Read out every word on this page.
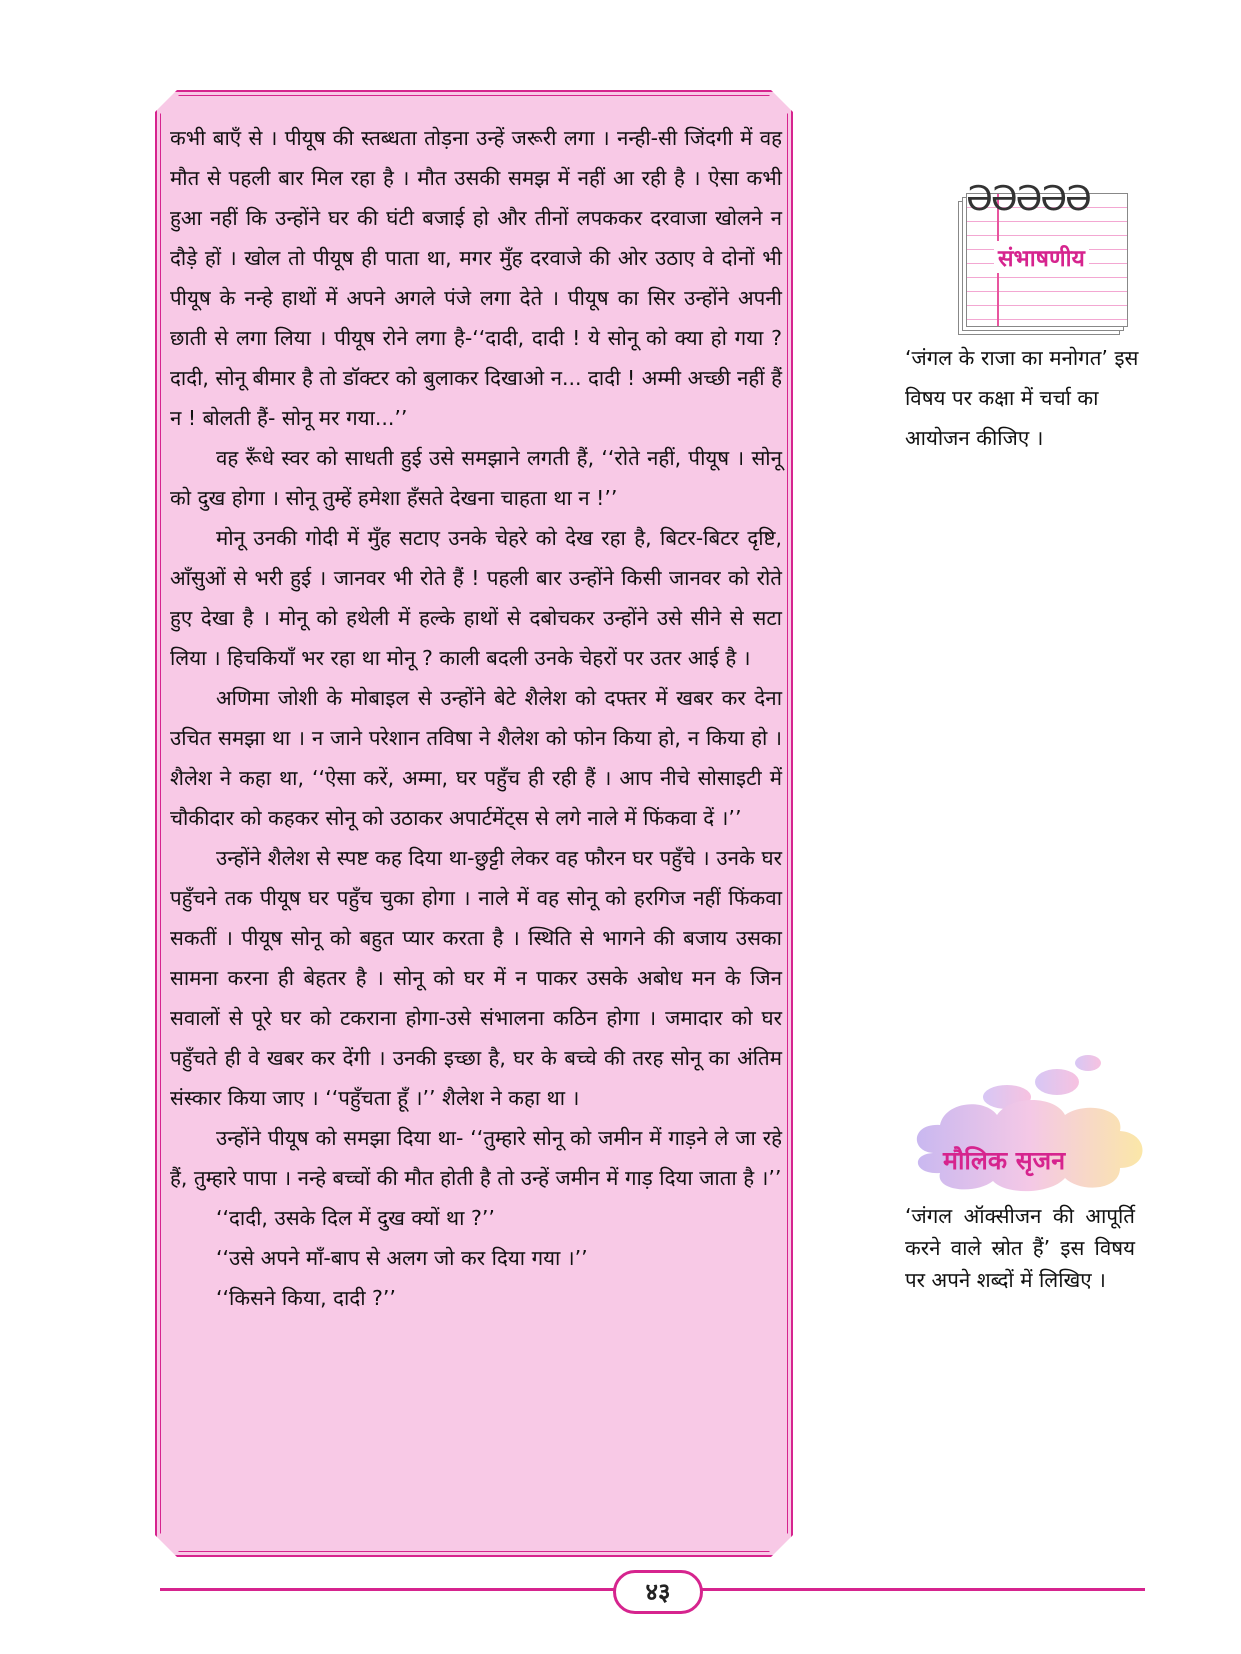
कभी बाएँ से । पीयूष की स्तब्धता तोड़ना उन्हें जरूरी लगा । नन्ही-सी जिंदगी में वह मौत से पहली बार मिल रहा है । मौत उसकी समझ में नहीं आ रही है । ऐसा कभी हुआ नहीं कि उन्होंने घर की घंटी बजाई हो और तीनों लपककर दरवाजा खोलने न दौड़े हों । खोल तो पीयूष ही पाता था, मगर मुँह दरवाजे की ओर उठाए वे दोनों भी पीयूष के नन्हे हाथों में अपने अगले पंजे लगा देते । पीयूष का सिर उन्होंने अपनी छाती से लगा लिया । पीयूष रोने लगा है-‘‘दादी, दादी ! ये सोनू को क्या हो गया ? दादी, सोनू बीमार है तो डॉक्टर को बुलाकर दिखाओ न... दादी ! अम्मी अच्छी नहीं हैं न ! बोलती हैं- सोनू मर गया...’’

वह रूँधे स्वर को साधती हुई उसे समझाने लगती हैं, ‘‘रोते नहीं, पीयूष । सोनू को दुख होगा । सोनू तुम्हें हमेशा हँसते देखना चाहता था न !’’

मोनू उनकी गोदी में मुँह सटाए उनके चेहरे को देख रहा है, बिटर-बिटर दृष्टि, आँसुओं से भरी हुई । जानवर भी रोते हैं ! पहली बार उन्होंने किसी जानवर को रोते हुए देखा है । मोनू को हथेली में हल्के हाथों से दबोचकर उन्होंने उसे सीने से सटा लिया । हिचकियाँ भर रहा था मोनू ? काली बदली उनके चेहरों पर उतर आई है ।

अणिमा जोशी के मोबाइल से उन्होंने बेटे शैलेश को दफ्तर में खबर कर देना उचित समझा था । न जाने परेशान तविषा ने शैलेश को फोन किया हो, न किया हो । शैलेश ने कहा था, ‘‘ऐसा करें, अम्मा, घर पहुँच ही रही हैं । आप नीचे सोसाइटी में चौकीदार को कहकर सोनू को उठाकर अपार्टमेंट्स से लगे नाले में फिंकवा दें ।’’

उन्होंने शैलेश से स्पष्ट कह दिया था-छुट्टी लेकर वह फौरन घर पहुँचे । उनके घर पहुँचने तक पीयूष घर पहुँच चुका होगा । नाले में वह सोनू को हरगिज नहीं फिंकवा सकतीं । पीयूष सोनू को बहुत प्यार करता है । स्थिति से भागने की बजाय उसका सामना करना ही बेहतर है । सोनू को घर में न पाकर उसके अबोध मन के जिन सवालों से पूरे घर को टकराना होगा-उसे संभालना कठिन होगा । जमादार को घर पहुँचते ही वे खबर कर देंगी । उनकी इच्छा है, घर के बच्चे की तरह सोनू का अंतिम संस्कार किया जाए । ‘‘पहुँचता हूँ ।’’ शैलेश ने कहा था ।

उन्होंने पीयूष को समझा दिया था- ‘‘तुम्हारे सोनू को जमीन में गाड़ने ले जा रहे हैं, तुम्हारे पापा । नन्हे बच्चों की मौत होती है तो उन्हें जमीन में गाड़ दिया जाता है ।’’

‘‘दादी, उसके दिल में दुख क्यों था ?’’

‘‘उसे अपने माँ-बाप से अलग जो कर दिया गया ।’’

‘‘किसने किया, दादी ?’’

ƏƏƏƏƏ
संभाषणीय
‘जंगल के राजा का मनोगत’ इस विषय पर कक्षा में चर्चा का आयोजन कीजिए ।
मौलिक सृजन
‘जंगल ऑक्सीजन की आपूर्ति करने वाले स्रोत हैं’ इस विषय पर अपने शब्दों में लिखिए ।
४३
